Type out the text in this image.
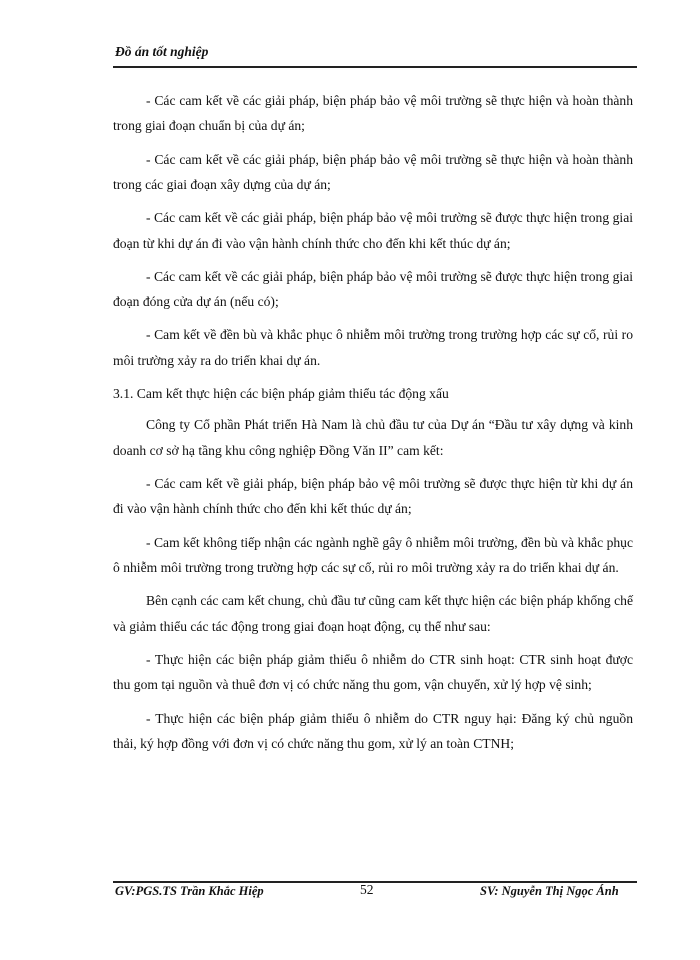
Đồ án tốt nghiệp

- Các cam kết về các giải pháp, biện pháp bảo vệ môi trường sẽ thực hiện và hoàn thành trong giai đoạn chuẩn bị của dự án;

- Các cam kết về các giải pháp, biện pháp bảo vệ môi trường sẽ thực hiện và hoàn thành trong các giai đoạn xây dựng của dự án;

- Các cam kết về các giải pháp, biện pháp bảo vệ môi trường sẽ được thực hiện trong giai đoạn từ khi dự án đi vào vận hành chính thức cho đến khi kết thúc dự án;

- Các cam kết về các giải pháp, biện pháp bảo vệ môi trường sẽ được thực hiện trong giai đoạn đóng cửa dự án (nếu có);

- Cam kết về đền bù và khắc phục ô nhiễm môi trường trong trường hợp các sự cố, rủi ro môi trường xảy ra do triển khai dự án.

3.1. Cam kết thực hiện các biện pháp giảm thiểu tác động xấu

Công ty Cổ phần Phát triển Hà Nam là chủ đầu tư của Dự án “Đầu tư xây dựng và kinh doanh cơ sở hạ tầng khu công nghiệp Đồng Văn II” cam kết:

- Các cam kết về giải pháp, biện pháp bảo vệ môi trường sẽ được thực hiện từ khi dự án đi vào vận hành chính thức cho đến khi kết thúc dự án;

- Cam kết không tiếp nhận các ngành nghề gây ô nhiễm môi trường, đền bù và khắc phục ô nhiễm môi trường trong trường hợp các sự cố, rủi ro môi trường xảy ra do triển khai dự án.

Bên cạnh các cam kết chung, chủ đầu tư cũng cam kết thực hiện các biện pháp khống chế và giảm thiểu các tác động trong giai đoạn hoạt động, cụ thể như sau:

- Thực hiện các biện pháp giảm thiểu ô nhiễm do CTR sinh hoạt: CTR sinh hoạt được thu gom tại nguồn và thuê đơn vị có chức năng thu gom, vận chuyển, xử lý hợp vệ sinh;

- Thực hiện các biện pháp giảm thiểu ô nhiễm do CTR nguy hại: Đăng ký chủ nguồn thải, ký hợp đồng với đơn vị có chức năng thu gom, xử lý an toàn CTNH;

GV:PGS.TS Trần Khắc Hiệp	52	SV: Nguyễn Thị Ngọc Ánh
